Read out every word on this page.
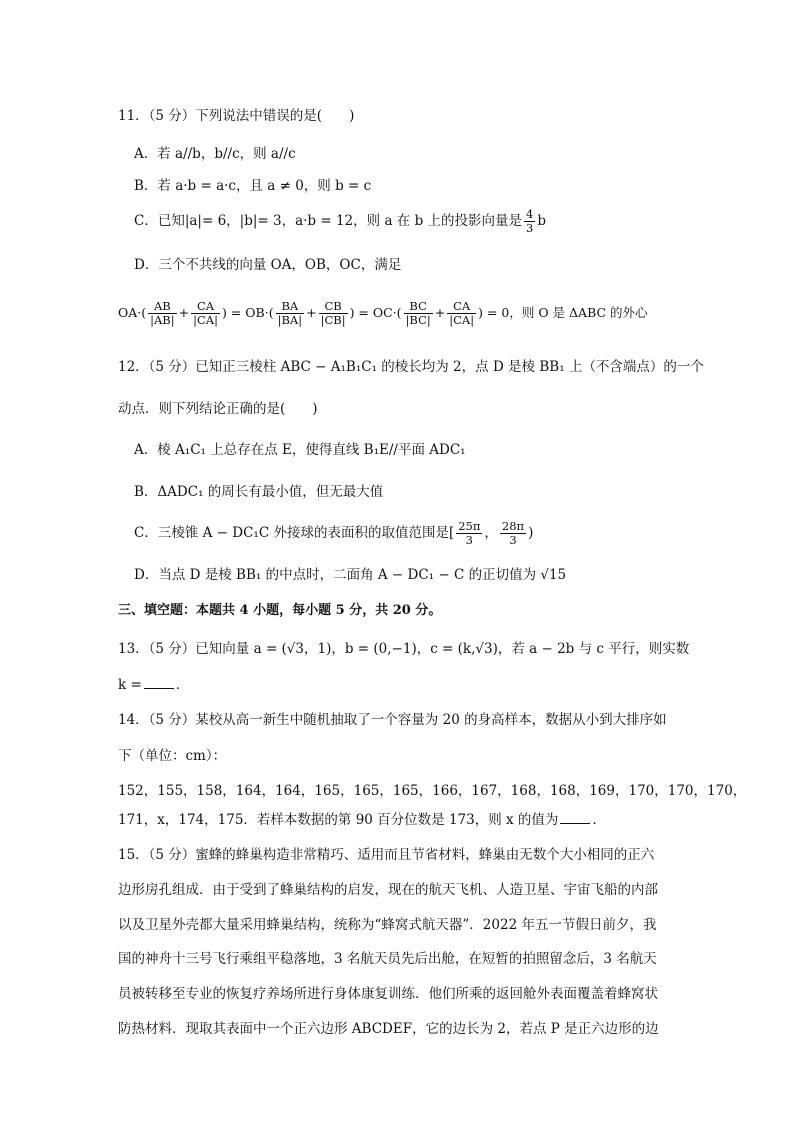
11．（5 分）下列说法中错误的是(　　)
A．若 a//b，b//c，则 a//c
B．若 a·b = a·c，且 a ≠ 0，则 b = c
C．已知|a|= 6，|b|= 3，a·b = 12，则 a 在 b 上的投影向量是 $\frac{4}{3}$ b
D．三个不共线的向量 OA，OB，OC，满足
$OA\cdot( \frac{AB}{|AB|} + \frac{CA}{|CA|}$ ) = $OB\cdot( \frac{BA}{|BA|} + \frac{CB}{|CB|}$ ) = $OC\cdot( \frac{BC}{|BC|} + \frac{CA}{|CA|}$ ) = 0，则 O 是 ΔABC 的外心
12．（5 分）已知正三棱柱 ABC − A₁B₁C₁ 的棱长均为 2，点 D 是棱 BB₁ 上（不含端点）的一个
动点．则下列结论正确的是(　　)
A．棱 A₁C₁ 上总存在点 E，使得直线 B₁E//平面 ADC₁
B．ΔADC₁ 的周长有最小值，但无最大值
C．三棱锥 A − DC₁C 外接球的表面积的取值范围是[ $\frac{25\pi}{3}$ ， $\frac{28\pi}{3}$ )
D．当点 D 是棱 BB₁ 的中点时，二面角 A − DC₁ − C 的正切值为 √15
三、填空题：本题共 4 小题，每小题 5 分，共 20 分。
13．（5 分）已知向量 a = (√3，1)，b = (0,−1)，c = (k,√3)，若 a − 2b 与 c 平行，则实数
k =	．
14．（5 分）某校从高一新生中随机抽取了一个容量为 20 的身高样本，数据从小到大排序如
下（单位：cm）：
152，155，158，164，164，165，165，165，166，167，168，168，169，170，170，170，
171，x，174，175．若样本数据的第 90 百分位数是 173，则 x 的值为	．
15．（5 分）蜜蜂的蜂巢构造非常精巧、适用而且节省材料，蜂巢由无数个大小相同的正六
边形房孔组成．由于受到了蜂巢结构的启发，现在的航天飞机、人造卫星、宇宙飞船的内部
以及卫星外壳都大量采用蜂巢结构，统称为“蜂窝式航天器”．2022 年五一节假日前夕，我
国的神舟十三号飞行乘组平稳落地，3 名航天员先后出舱，在短暂的拍照留念后，3 名航天
员被转移至专业的恢复疗养场所进行身体康复训练．他们所乘的返回舱外表面覆盖着蜂窝状
防热材料．现取其表面中一个正六边形 ABCDEF，它的边长为 2，若点 P 是正六边形的边
